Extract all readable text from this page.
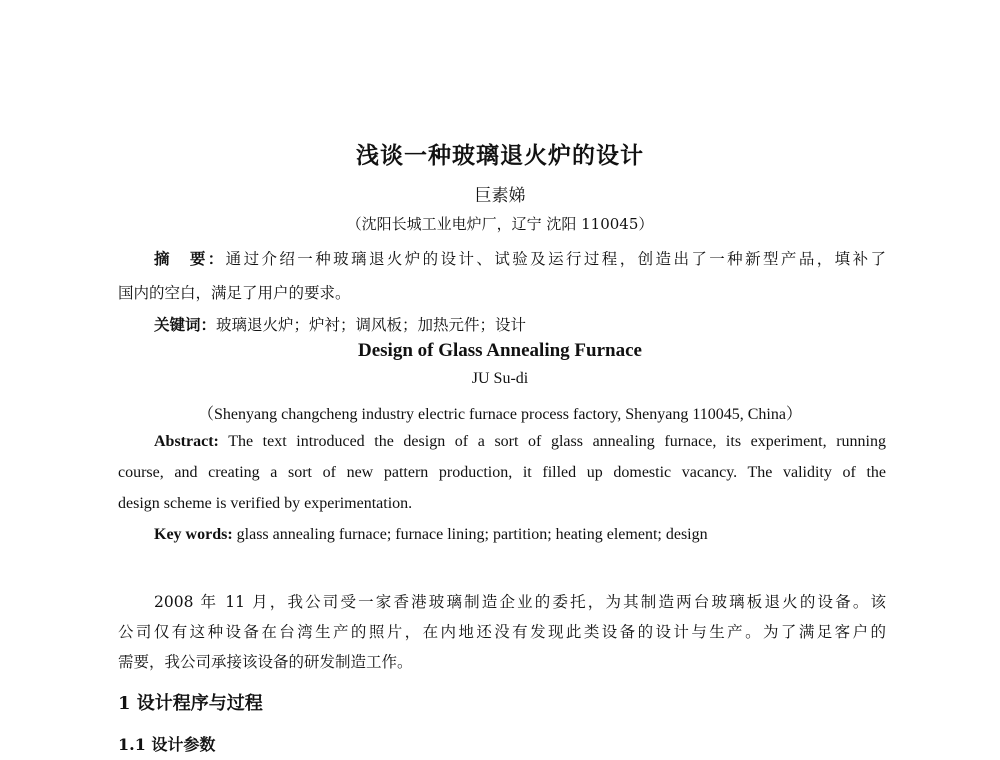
浅谈一种玻璃退火炉的设计
巨素娣
（沈阳长城工业电炉厂，辽宁 沈阳 110045）
摘　要：通过介绍一种玻璃退火炉的设计、试验及运行过程，创造出了一种新型产品，填补了
国内的空白，满足了用户的要求。
关键词：玻璃退火炉；炉衬；调风板；加热元件；设计
Design of Glass Annealing Furnace
JU Su-di
（Shenyang changcheng industry electric furnace process factory, Shenyang 110045, China）
Abstract: The text introduced the design of a sort of glass annealing furnace, its experiment, running
course, and creating a sort of new pattern production, it filled up domestic vacancy. The validity of the
design scheme is verified by experimentation.
Key words: glass annealing furnace; furnace lining; partition; heating element; design
2008 年 11 月，我公司受一家香港玻璃制造企业的委托，为其制造两台玻璃板退火的设备。该
公司仅有这种设备在台湾生产的照片，在内地还没有发现此类设备的设计与生产。为了满足客户的
需要，我公司承接该设备的研发制造工作。
1 设计程序与过程
1.1 设计参数
